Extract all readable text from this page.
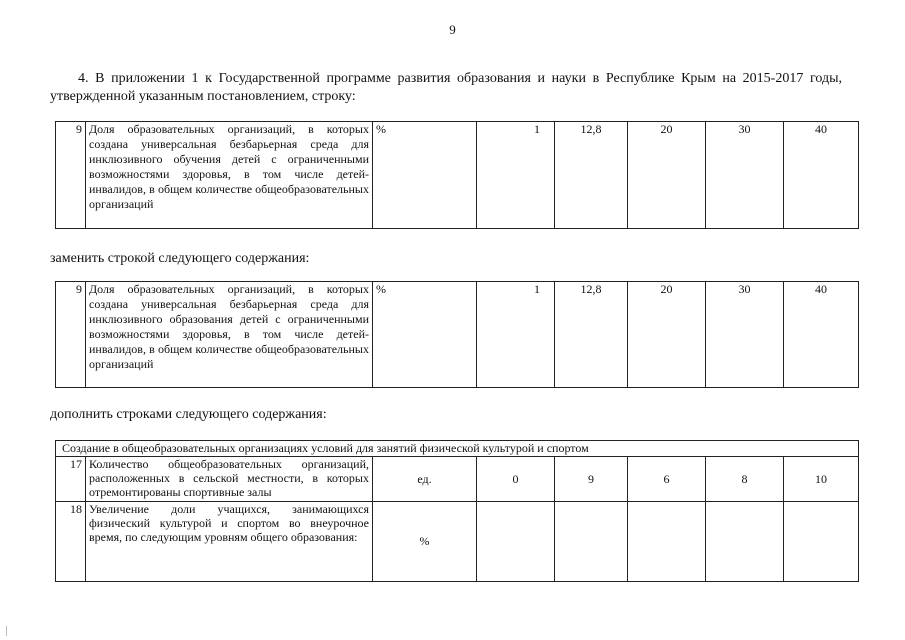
9
4. В приложении 1 к Государственной программе развития образования и науки в Республике Крым на 2015-2017 годы, утвержденной указанным постановлением, строку:
9	Доля образовательных организаций, в которых создана универсальная безбарьерная среда для инклюзивного обучения детей с ограниченными возможностями здоровья, в том числе детей-инвалидов, в общем количестве общеобразовательных организаций	%	1	12,8	20	30	40
заменить строкой следующего содержания:
9	Доля образовательных организаций, в которых создана универсальная безбарьерная среда для инклюзивного образования детей с ограниченными возможностями здоровья, в том числе детей-инвалидов, в общем количестве общеобразовательных организаций	%	1	12,8	20	30	40
дополнить строками следующего содержания:
Создание в общеобразовательных организациях условий для занятий физической культурой и спортом							
17	Количество общеобразовательных организаций, расположенных в сельской местности, в которых отремонтированы спортивные залы	ед.	0	9	6	8	10
18	Увеличение доли учащихся, занимающихся физический культурой и спортом во внеурочное время, по следующим уровням общего образования:	%					
